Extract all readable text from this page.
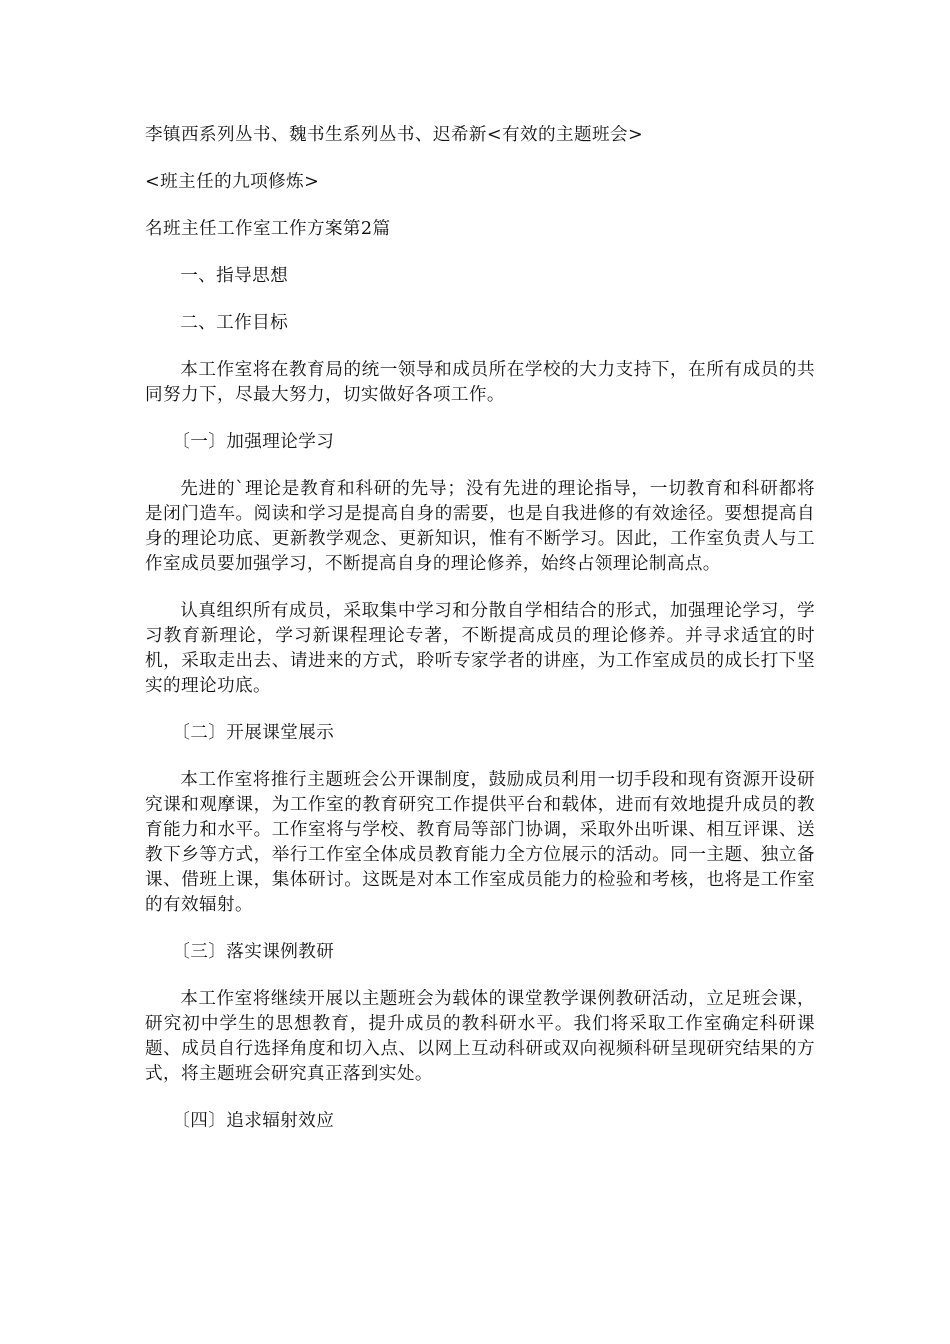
李镇西系列丛书、魏书生系列丛书、迟希新<有效的主题班会>

<班主任的九项修炼>

名班主任工作室工作方案第2篇

一、指导思想

二、工作目标

本工作室将在教育局的统一领导和成员所在学校的大力支持下，在所有成员的共同努力下，尽最大努力，切实做好各项工作。

〔一〕加强理论学习

先进的`理论是教育和科研的先导；没有先进的理论指导，一切教育和科研都将是闭门造车。阅读和学习是提高自身的需要，也是自我进修的有效途径。要想提高自身的理论功底、更新教学观念、更新知识，惟有不断学习。因此，工作室负责人与工作室成员要加强学习，不断提高自身的理论修养，始终占领理论制高点。

认真组织所有成员，采取集中学习和分散自学相结合的形式，加强理论学习，学习教育新理论，学习新课程理论专著，不断提高成员的理论修养。并寻求适宜的时机，采取走出去、请进来的方式，聆听专家学者的讲座，为工作室成员的成长打下坚实的理论功底。

〔二〕开展课堂展示

本工作室将推行主题班会公开课制度，鼓励成员利用一切手段和现有资源开设研究课和观摩课，为工作室的教育研究工作提供平台和载体，进而有效地提升成员的教育能力和水平。工作室将与学校、教育局等部门协调，采取外出听课、相互评课、送教下乡等方式，举行工作室全体成员教育能力全方位展示的活动。同一主题、独立备课、借班上课，集体研讨。这既是对本工作室成员能力的检验和考核，也将是工作室的有效辐射。

〔三〕落实课例教研

本工作室将继续开展以主题班会为载体的课堂教学课例教研活动，立足班会课，研究初中学生的思想教育，提升成员的教科研水平。我们将采取工作室确定科研课题、成员自行选择角度和切入点、以网上互动科研或双向视频科研呈现研究结果的方式，将主题班会研究真正落到实处。

〔四〕追求辐射效应
